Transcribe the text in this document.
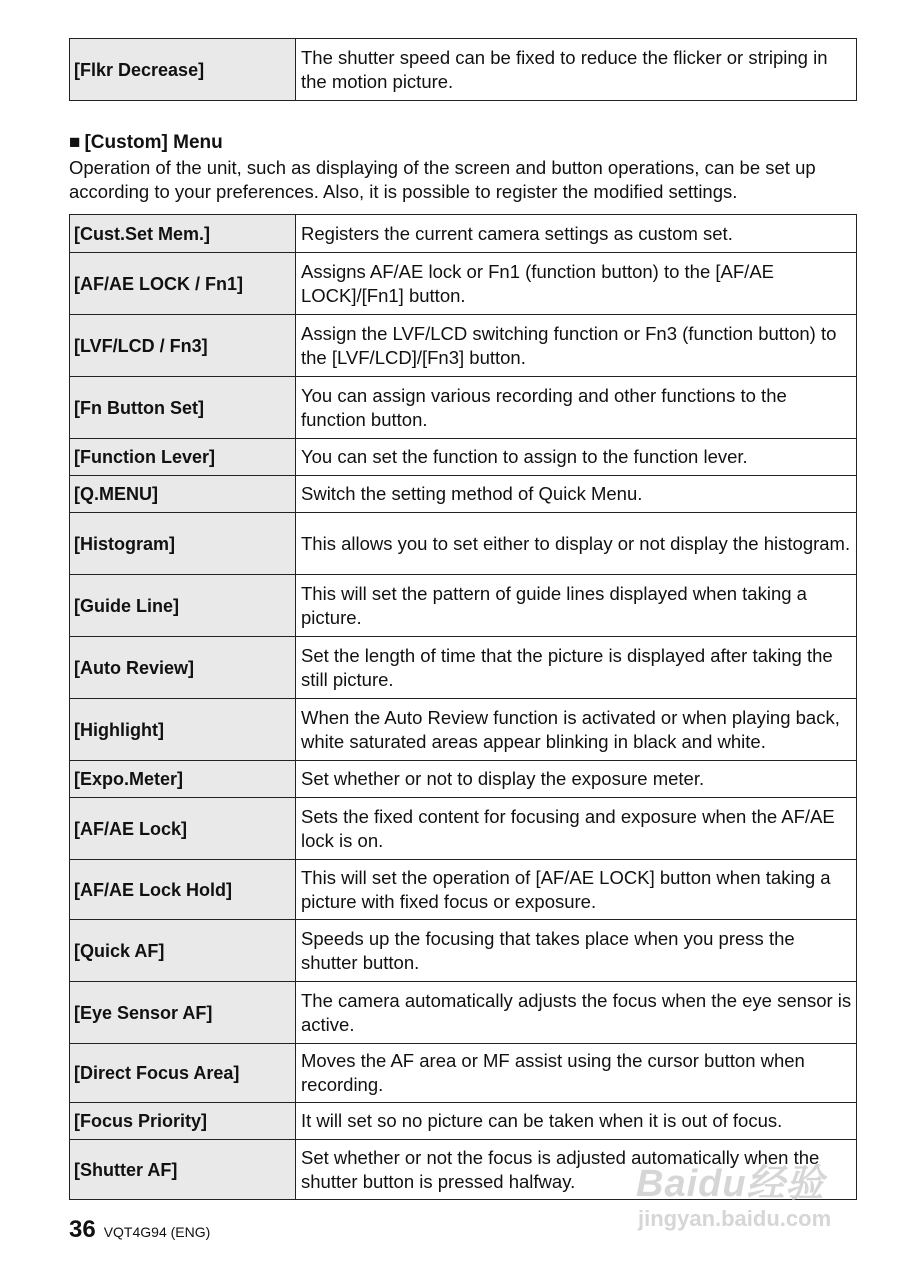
[Flkr Decrease]	The shutter speed can be fixed to reduce the flicker or striping in the motion picture.
■ [Custom] Menu
Operation of the unit, such as displaying of the screen and button operations, can be set up according to your preferences. Also, it is possible to register the modified settings.
[Cust.Set Mem.]	Registers the current camera settings as custom set.
[AF/AE LOCK / Fn1]	Assigns AF/AE lock or Fn1 (function button) to the [AF/AE LOCK]/[Fn1] button.
[LVF/LCD / Fn3]	Assign the LVF/LCD switching function or Fn3 (function button) to the [LVF/LCD]/[Fn3] button.
[Fn Button Set]	You can assign various recording and other functions to the function button.
[Function Lever]	You can set the function to assign to the function lever.
[Q.MENU]	Switch the setting method of Quick Menu.
[Histogram]	This allows you to set either to display or not display the histogram.
[Guide Line]	This will set the pattern of guide lines displayed when taking a picture.
[Auto Review]	Set the length of time that the picture is displayed after taking the still picture.
[Highlight]	When the Auto Review function is activated or when playing back, white saturated areas appear blinking in black and white.
[Expo.Meter]	Set whether or not to display the exposure meter.
[AF/AE Lock]	Sets the fixed content for focusing and exposure when the AF/AE lock is on.
[AF/AE Lock Hold]	This will set the operation of [AF/AE LOCK] button when taking a picture with fixed focus or exposure.
[Quick AF]	Speeds up the focusing that takes place when you press the shutter button.
[Eye Sensor AF]	The camera automatically adjusts the focus when the eye sensor is active.
[Direct Focus Area]	Moves the AF area or MF assist using the cursor button when recording.
[Focus Priority]	It will set so no picture can be taken when it is out of focus.
[Shutter AF]	Set whether or not the focus is adjusted automatically when the shutter button is pressed halfway.
36 VQT4G94 (ENG)
Baidu经验
jingyan.baidu.com
